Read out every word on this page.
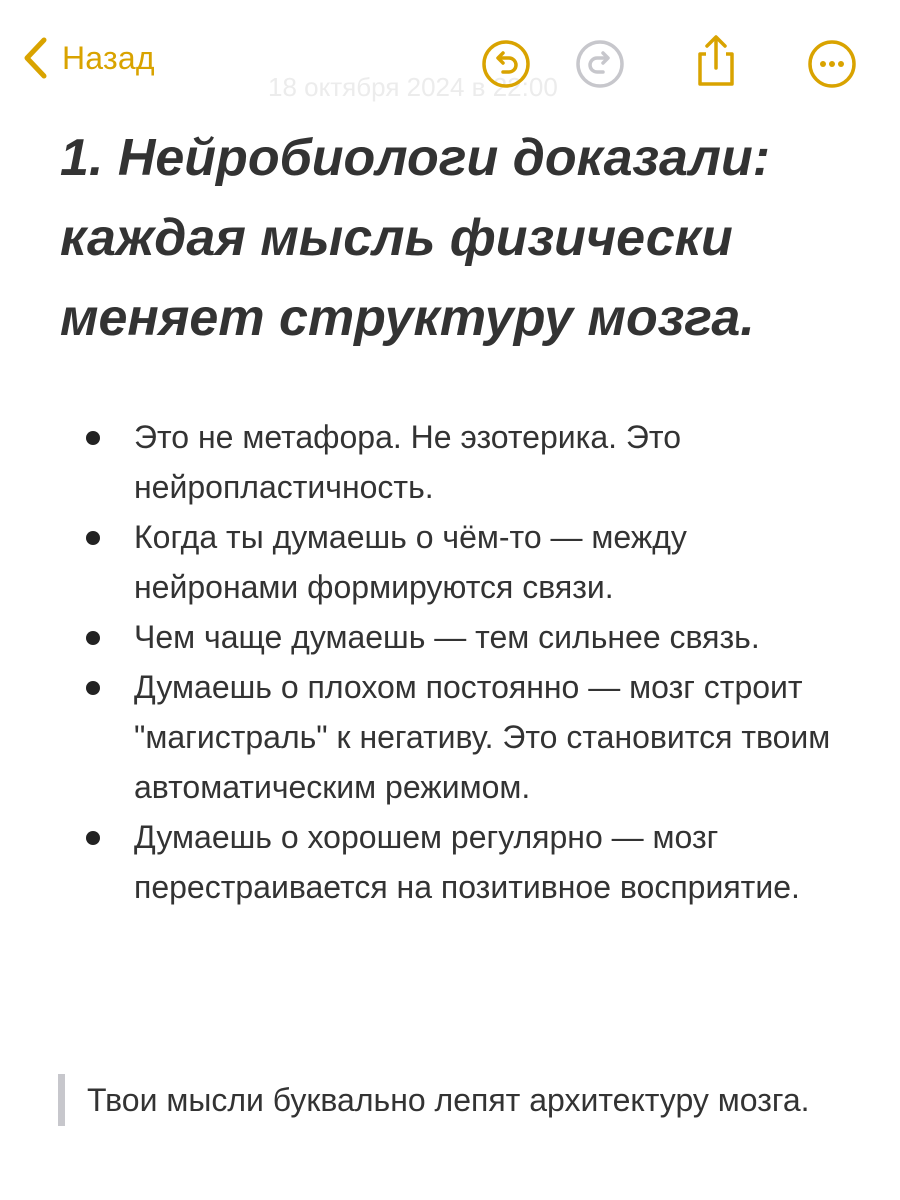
Назад
18 октября 2024 в 22:00
1. Нейробиологи доказали: каждая мысль физически меняет структуру мозга.
Это не метафора. Не эзотерика. Это нейропластичность.
Когда ты думаешь о чём-то — между нейронами формируются связи.
Чем чаще думаешь — тем сильнее связь.
Думаешь о плохом постоянно — мозг строит "магистраль" к негативу. Это становится твоим автоматическим режимом.
Думаешь о хорошем регулярно — мозг перестраивается на позитивное восприятие.
Твои мысли буквально лепят архитектуру мозга.
